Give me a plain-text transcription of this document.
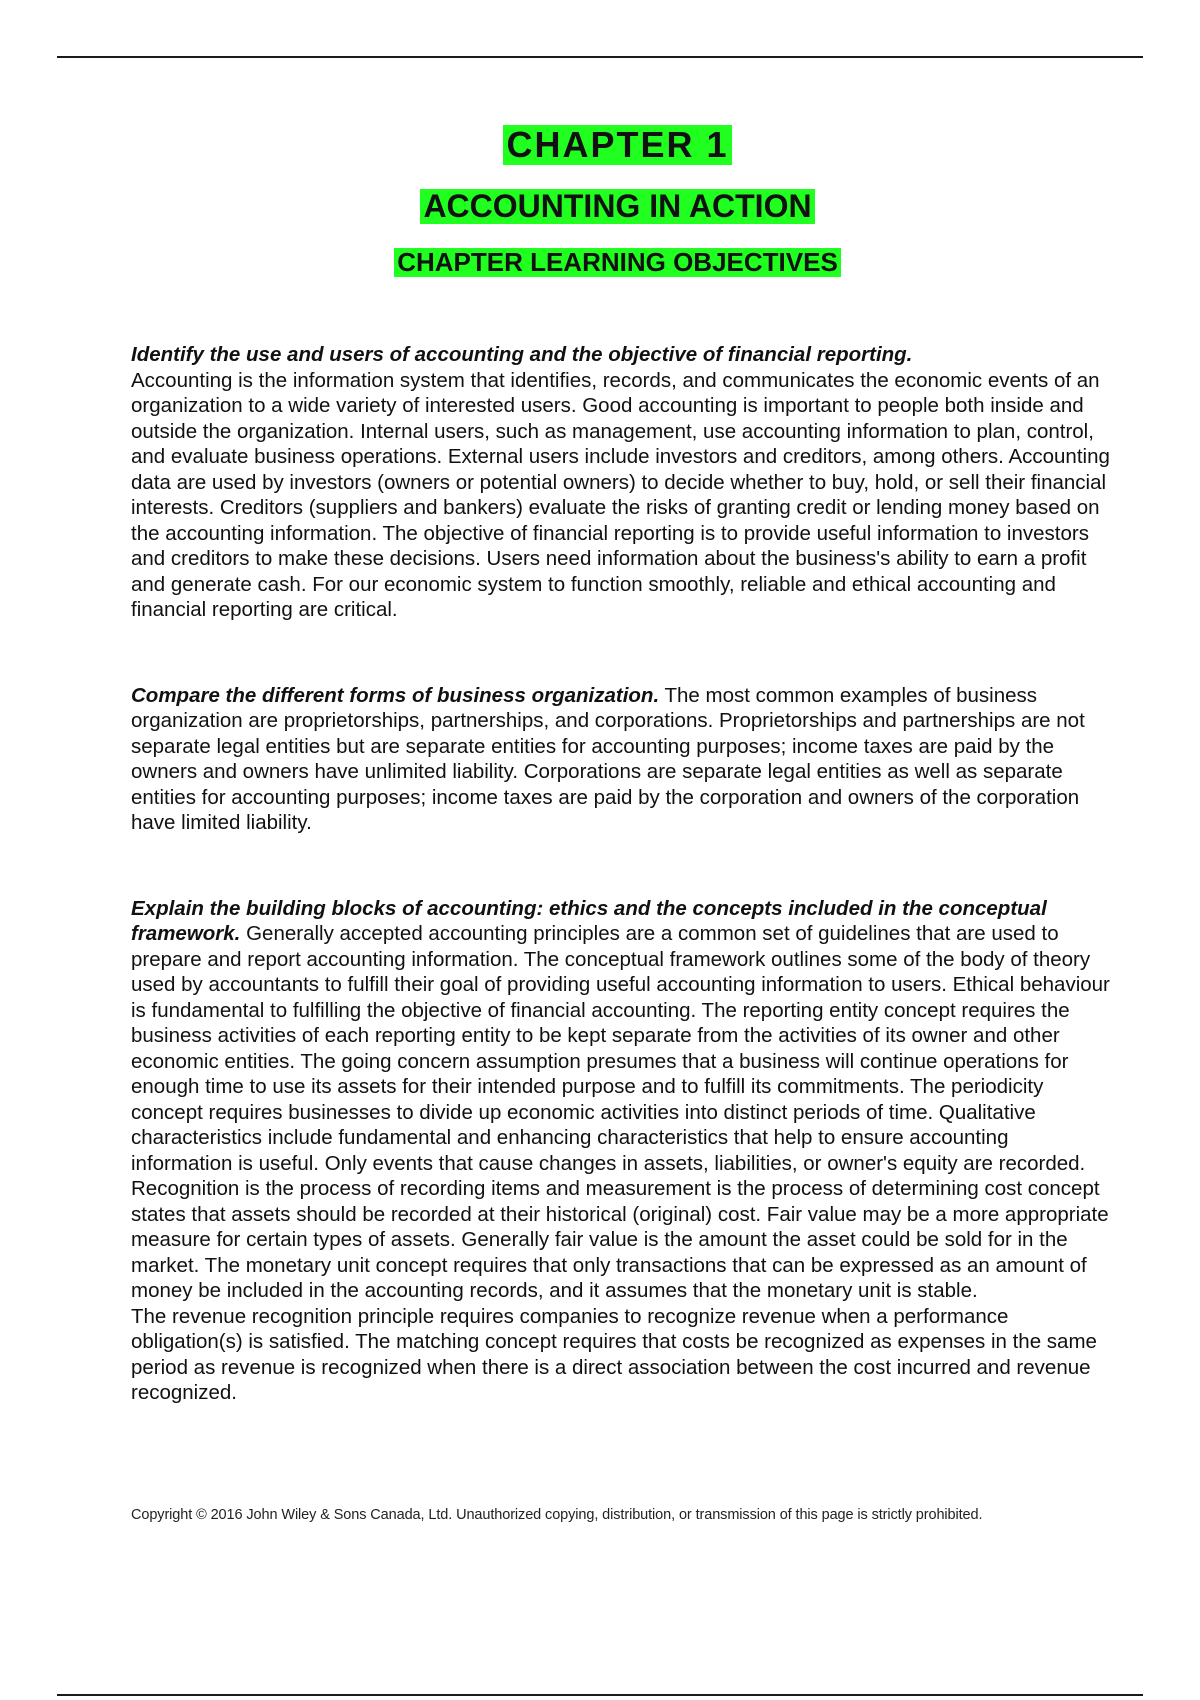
CHAPTER 1
ACCOUNTING IN ACTION
CHAPTER LEARNING OBJECTIVES

Identify the use and users of accounting and the objective of financial reporting.
Accounting is the information system that identifies, records, and communicates the economic events of an organization to a wide variety of interested users. Good accounting is important to people both inside and outside the organization. Internal users, such as management, use accounting information to plan, control, and evaluate business operations. External users include investors and creditors, among others. Accounting data are used by investors (owners or potential owners) to decide whether to buy, hold, or sell their financial interests. Creditors (suppliers and bankers) evaluate the risks of granting credit or lending money based on the accounting information. The objective of financial reporting is to provide useful information to investors and creditors to make these decisions. Users need information about the business's ability to earn a profit and generate cash. For our economic system to function smoothly, reliable and ethical accounting and financial reporting are critical.

Compare the different forms of business organization. The most common examples of business organization are proprietorships, partnerships, and corporations. Proprietorships and partnerships are not separate legal entities but are separate entities for accounting purposes; income taxes are paid by the owners and owners have unlimited liability. Corporations are separate legal entities as well as separate entities for accounting purposes; income taxes are paid by the corporation and owners of the corporation have limited liability.

Explain the building blocks of accounting: ethics and the concepts included in the conceptual framework. Generally accepted accounting principles are a common set of guidelines that are used to prepare and report accounting information. The conceptual framework outlines some of the body of theory used by accountants to fulfill their goal of providing useful accounting information to users. Ethical behaviour is fundamental to fulfilling the objective of financial accounting. The reporting entity concept requires the business activities of each reporting entity to be kept separate from the activities of its owner and other economic entities. The going concern assumption presumes that a business will continue operations for enough time to use its assets for their intended purpose and to fulfill its commitments. The periodicity concept requires businesses to divide up economic activities into distinct periods of time. Qualitative characteristics include fundamental and enhancing characteristics that help to ensure accounting information is useful. Only events that cause changes in assets, liabilities, or owner's equity are recorded. Recognition is the process of recording items and measurement is the process of determining cost concept states that assets should be recorded at their historical (original) cost. Fair value may be a more appropriate measure for certain types of assets. Generally fair value is the amount the asset could be sold for in the market. The monetary unit concept requires that only transactions that can be expressed as an amount of money be included in the accounting records, and it assumes that the monetary unit is stable.

The revenue recognition principle requires companies to recognize revenue when a performance obligation(s) is satisfied. The matching concept requires that costs be recognized as expenses in the same period as revenue is recognized when there is a direct association between the cost incurred and revenue recognized.

Copyright © 2016 John Wiley & Sons Canada, Ltd. Unauthorized copying, distribution, or transmission of this page is strictly prohibited.
